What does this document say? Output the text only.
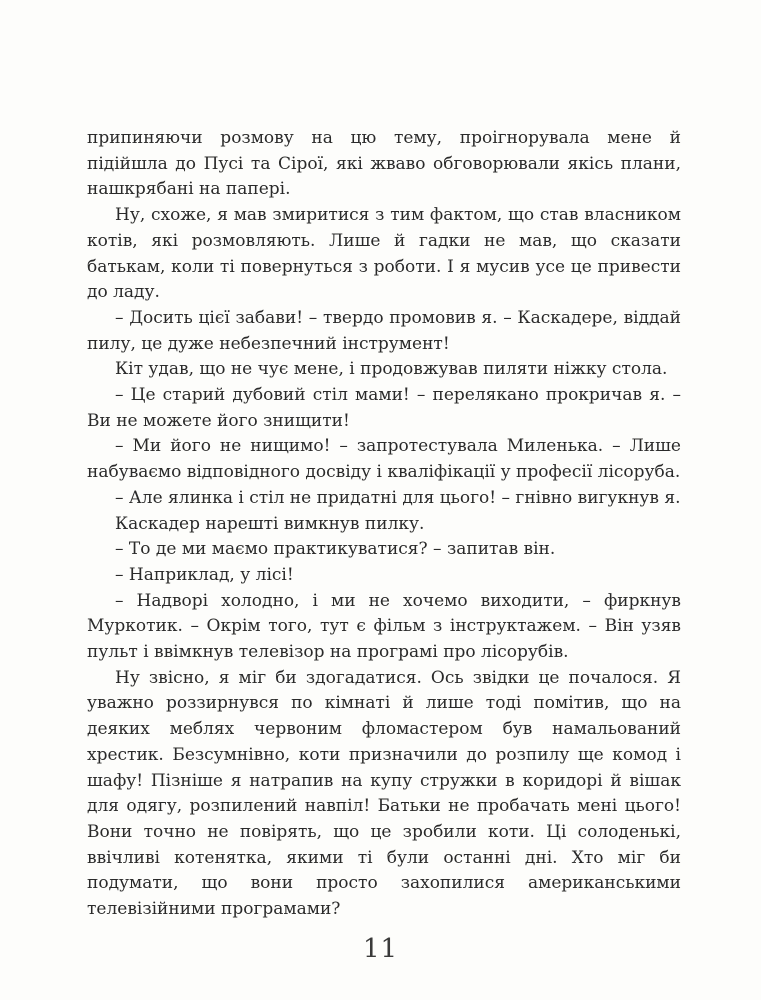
припиняючи розмову на цю тему, проігнорувала мене й підійшла до Пусі та Сірої, які жваво обговорювали якісь плани, нашкрябані на папері.

Ну, схоже, я мав змиритися з тим фактом, що став власником котів, які розмовляють. Лише й гадки не мав, що сказати батькам, коли ті повернуться з роботи. І я мусив усе це привести до ладу.

– Досить цієї забави! – твердо промовив я. – Каскадере, віддай пилу, це дуже небезпечний інструмент!

Кіт удав, що не чує мене, і продовжував пиляти ніжку стола.

– Це старий дубовий стіл мами! – перелякано прокричав я. – Ви не можете його знищити!

– Ми його не нищимо! – запротестувала Миленька. – Лише набуваємо відповідного досвіду і кваліфікації у професії лісоруба.

– Але ялинка і стіл не придатні для цього! – гнівно вигукнув я.

Каскадер нарешті вимкнув пилку.

– То де ми маємо практикуватися? – запитав він.

– Наприклад, у лісі!

– Надворі холодно, і ми не хочемо виходити, – фиркнув Муркотик. – Окрім того, тут є фільм з інструктажем. – Він узяв пульт і ввімкнув телевізор на програмі про лісорубів.

Ну звісно, я міг би здогадатися. Ось звідки це почалося. Я уважно роззирнувся по кімнаті й лише тоді помітив, що на деяких меблях червоним фломастером був намальований хрестик. Безсумнівно, коти призначили до розпилу ще комод і шафу! Пізніше я натрапив на купу стружки в коридорі й вішак для одягу, розпилений навпіл! Батьки не пробачать мені цього! Вони точно не повірять, що це зробили коти. Ці солоденькі, ввічливі котенятка, якими ті були останні дні. Хто міг би подумати, що вони просто захопилися американськими телевізійними програмами?

11
